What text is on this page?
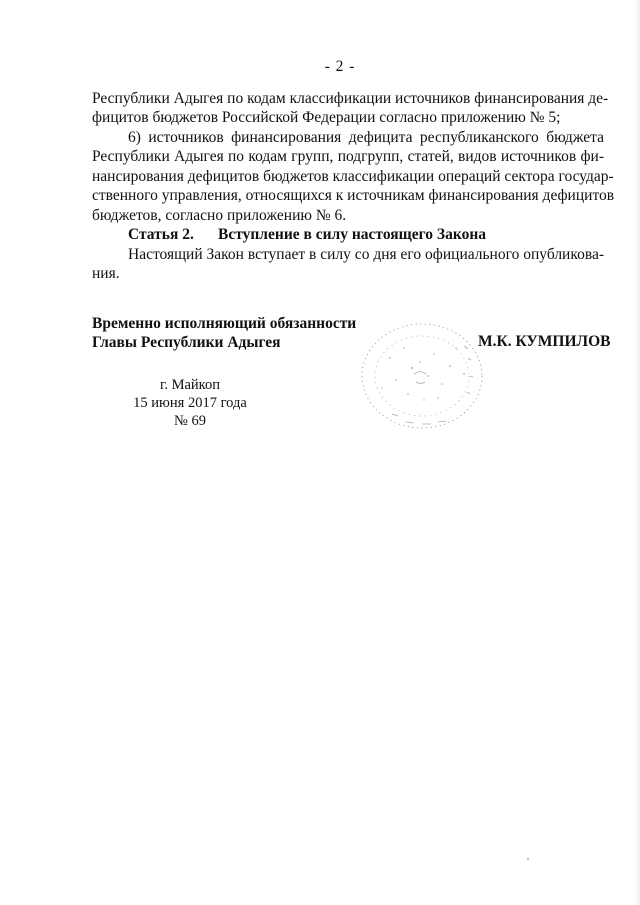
- 2 -
Республики Адыгея по кодам классификации источников финансирования де-
фицитов бюджетов Российской Федерации согласно приложению № 5;
6) источников финансирования дефицита республиканского бюджета
Республики Адыгея по кодам групп, подгрупп, статей, видов источников фи-
нансирования дефицитов бюджетов классификации операций сектора государ-
ственного управления, относящихся к источникам финансирования дефицитов
бюджетов, согласно приложению № 6.
Статья 2. Вступление в силу настоящего Закона
Настоящий Закон вступает в силу со дня его официального опубликова-
ния.
Временно исполняющий обязанности
Главы Республики Адыгея	М.К. КУМПИЛОВ
г. Майкоп
15 июня 2017 года
№ 69
